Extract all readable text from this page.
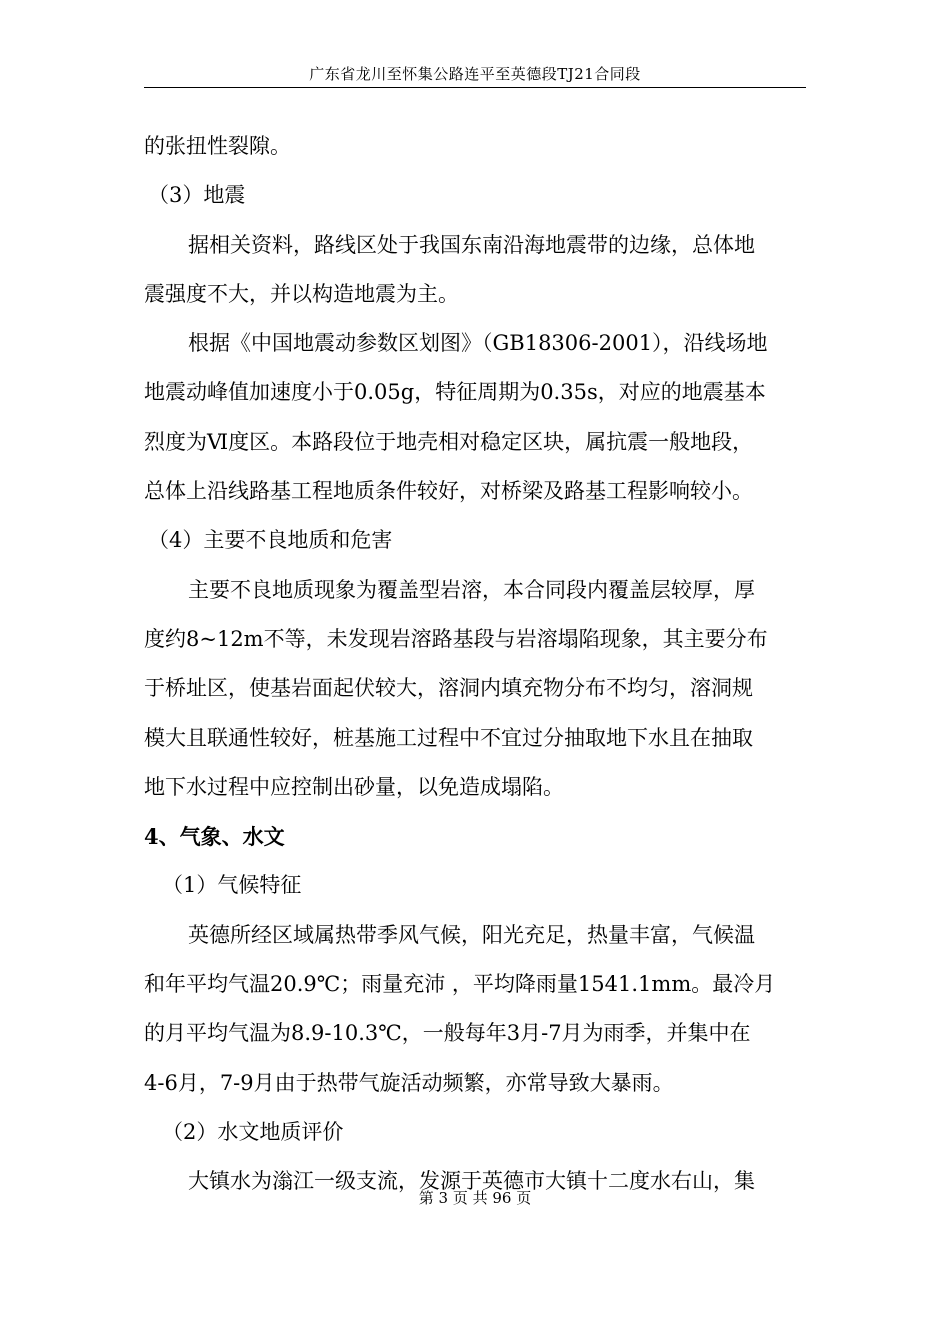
广东省龙川至怀集公路连平至英德段TJ21合同段
的张扭性裂隙。
（3）地震
据相关资料，路线区处于我国东南沿海地震带的边缘，总体地
震强度不大，并以构造地震为主。
根据《中国地震动参数区划图》（GB18306-2001），沿线场地
地震动峰值加速度小于0.05g，特征周期为0.35s，对应的地震基本
烈度为Ⅵ度区。本路段位于地壳相对稳定区块，属抗震一般地段，
总体上沿线路基工程地质条件较好，对桥梁及路基工程影响较小。
（4）主要不良地质和危害
主要不良地质现象为覆盖型岩溶，本合同段内覆盖层较厚，厚
度约8~12m不等，未发现岩溶路基段与岩溶塌陷现象，其主要分布
于桥址区，使基岩面起伏较大，溶洞内填充物分布不均匀，溶洞规
模大且联通性较好，桩基施工过程中不宜过分抽取地下水且在抽取
地下水过程中应控制出砂量，以免造成塌陷。
4、气象、水文
（1）气候特征
英德所经区域属热带季风气候，阳光充足，热量丰富，气候温
和年平均气温20.9℃；雨量充沛 ，平均降雨量1541.1mm。最冷月
的月平均气温为8.9-10.3℃，一般每年3月-7月为雨季，并集中在
4-6月，7-9月由于热带气旋活动频繁，亦常导致大暴雨。
（2）水文地质评价
大镇水为滃江一级支流，发源于英德市大镇十二度水右山，集
第 3 页 共 96 页
